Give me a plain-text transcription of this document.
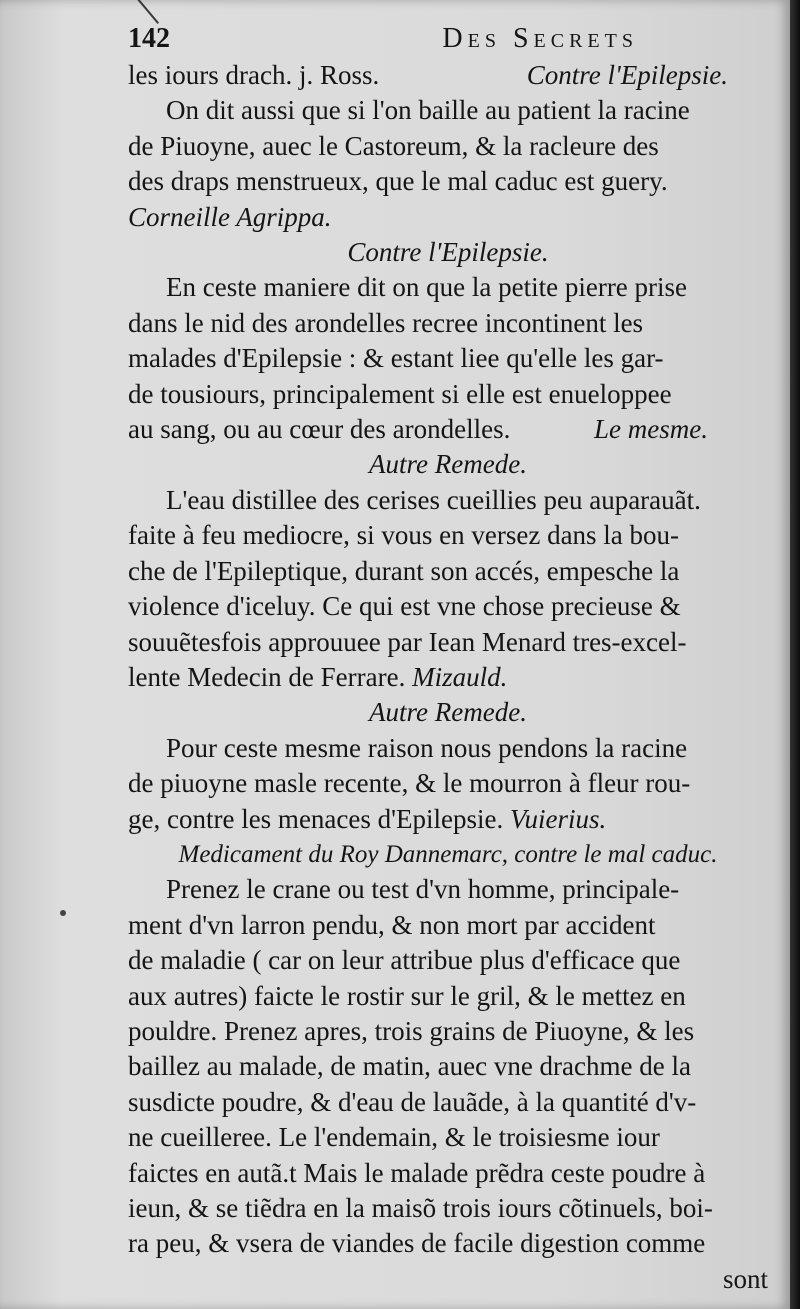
142	Des Secrets
les iours drach. j. Ross.	Contre l'Epilepsie.
On dit aussi que si l'on baille au patient la racine
de Piuoyne, auec le Castoreum, & la racleure des
des draps menstrueux, que le mal caduc est guery.
Corneille Agrippa.
Contre l'Epilepsie.
En ceste maniere dit on que la petite pierre prise
dans le nid des arondelles recree incontinent les
malades d'Epilepsie : & estant liee qu'elle les gar-
de tousiours, principalement si elle est enueloppee
au sang, ou au cœur des arondelles.	Le mesme.
Autre Remede.
L'eau distillee des cerises cueillies peu auparauãt.
faite à feu mediocre, si vous en versez dans la bou-
che de l'Epileptique, durant son accés, empesche la
violence d'iceluy. Ce qui est vne chose precieuse &
souuẽtesfois approuuee par Iean Menard tres-excel-
lente Medecin de Ferrare. Mizauld.
Autre Remede.
Pour ceste mesme raison nous pendons la racine
de piuoyne masle recente, & le mourron à fleur rou-
ge, contre les menaces d'Epilepsie. Vuierius.
Medicament du Roy Dannemarc, contre le mal caduc.
Prenez le crane ou test d'vn homme, principale-
ment d'vn larron pendu, & non mort par accident
de maladie ( car on leur attribue plus d'efficace que
aux autres) faicte le rostir sur le gril, & le mettez en
pouldre. Prenez apres, trois grains de Piuoyne, & les
baillez au malade, de matin, auec vne drachme de la
susdicte poudre, & d'eau de lauãde, à la quantité d'v-
ne cueilleree. Le l'endemain, & le troisiesme iour
faictes en autã.t Mais le malade prẽdra ceste poudre à
ieun, & se tiẽdra en la maisõ trois iours cõtinuels, boi-
ra peu, & vsera de viandes de facile digestion comme
sont
